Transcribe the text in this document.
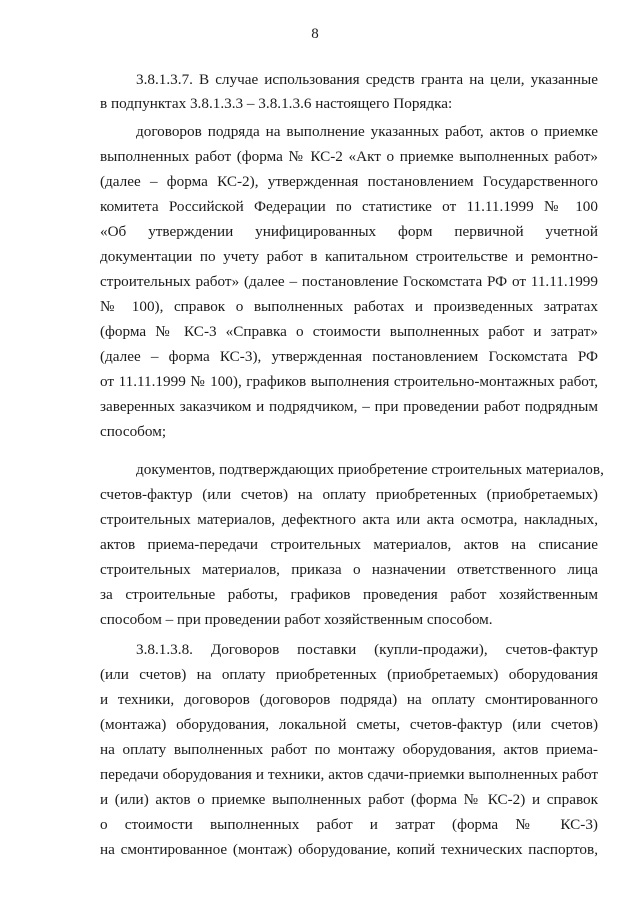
8
3.8.1.3.7. В случае использования средств гранта на цели, указанные
в подпунктах 3.8.1.3.3 – 3.8.1.3.6 настоящего Порядка:
договоров подряда на выполнение указанных работ, актов о приемке
выполненных работ (форма № КС-2 «Акт о приемке выполненных работ»
(далее – форма КС-2), утвержденная постановлением Государственного
комитета Российской Федерации по статистике от 11.11.1999 № 100
«Об утверждении унифицированных форм первичной учетной
документации по учету работ в капитальном строительстве и ремонтно-
строительных работ» (далее – постановление Госкомстата РФ от 11.11.1999
№ 100), справок о выполненных работах и произведенных затратах
(форма № КС-3 «Справка о стоимости выполненных работ и затрат»
(далее – форма КС-3), утвержденная постановлением Госкомстата РФ
от 11.11.1999 № 100), графиков выполнения строительно-монтажных работ,
заверенных заказчиком и подрядчиком, – при проведении работ подрядным
способом;
документов, подтверждающих приобретение строительных материалов,
счетов-фактур (или счетов) на оплату приобретенных (приобретаемых)
строительных материалов, дефектного акта или акта осмотра, накладных,
актов приема-передачи строительных материалов, актов на списание
строительных материалов, приказа о назначении ответственного лица
за строительные работы, графиков проведения работ хозяйственным
способом – при проведении работ хозяйственным способом.
3.8.1.3.8. Договоров поставки (купли-продажи), счетов-фактур
(или счетов) на оплату приобретенных (приобретаемых) оборудования
и техники, договоров (договоров подряда) на оплату смонтированного
(монтажа) оборудования, локальной сметы, счетов-фактур (или счетов)
на оплату выполненных работ по монтажу оборудования, актов приема-
передачи оборудования и техники, актов сдачи-приемки выполненных работ
и (или) актов о приемке выполненных работ (форма № КС-2) и справок
о стоимости выполненных работ и затрат (форма № КС-3)
на смонтированное (монтаж) оборудование, копий технических паспортов,
